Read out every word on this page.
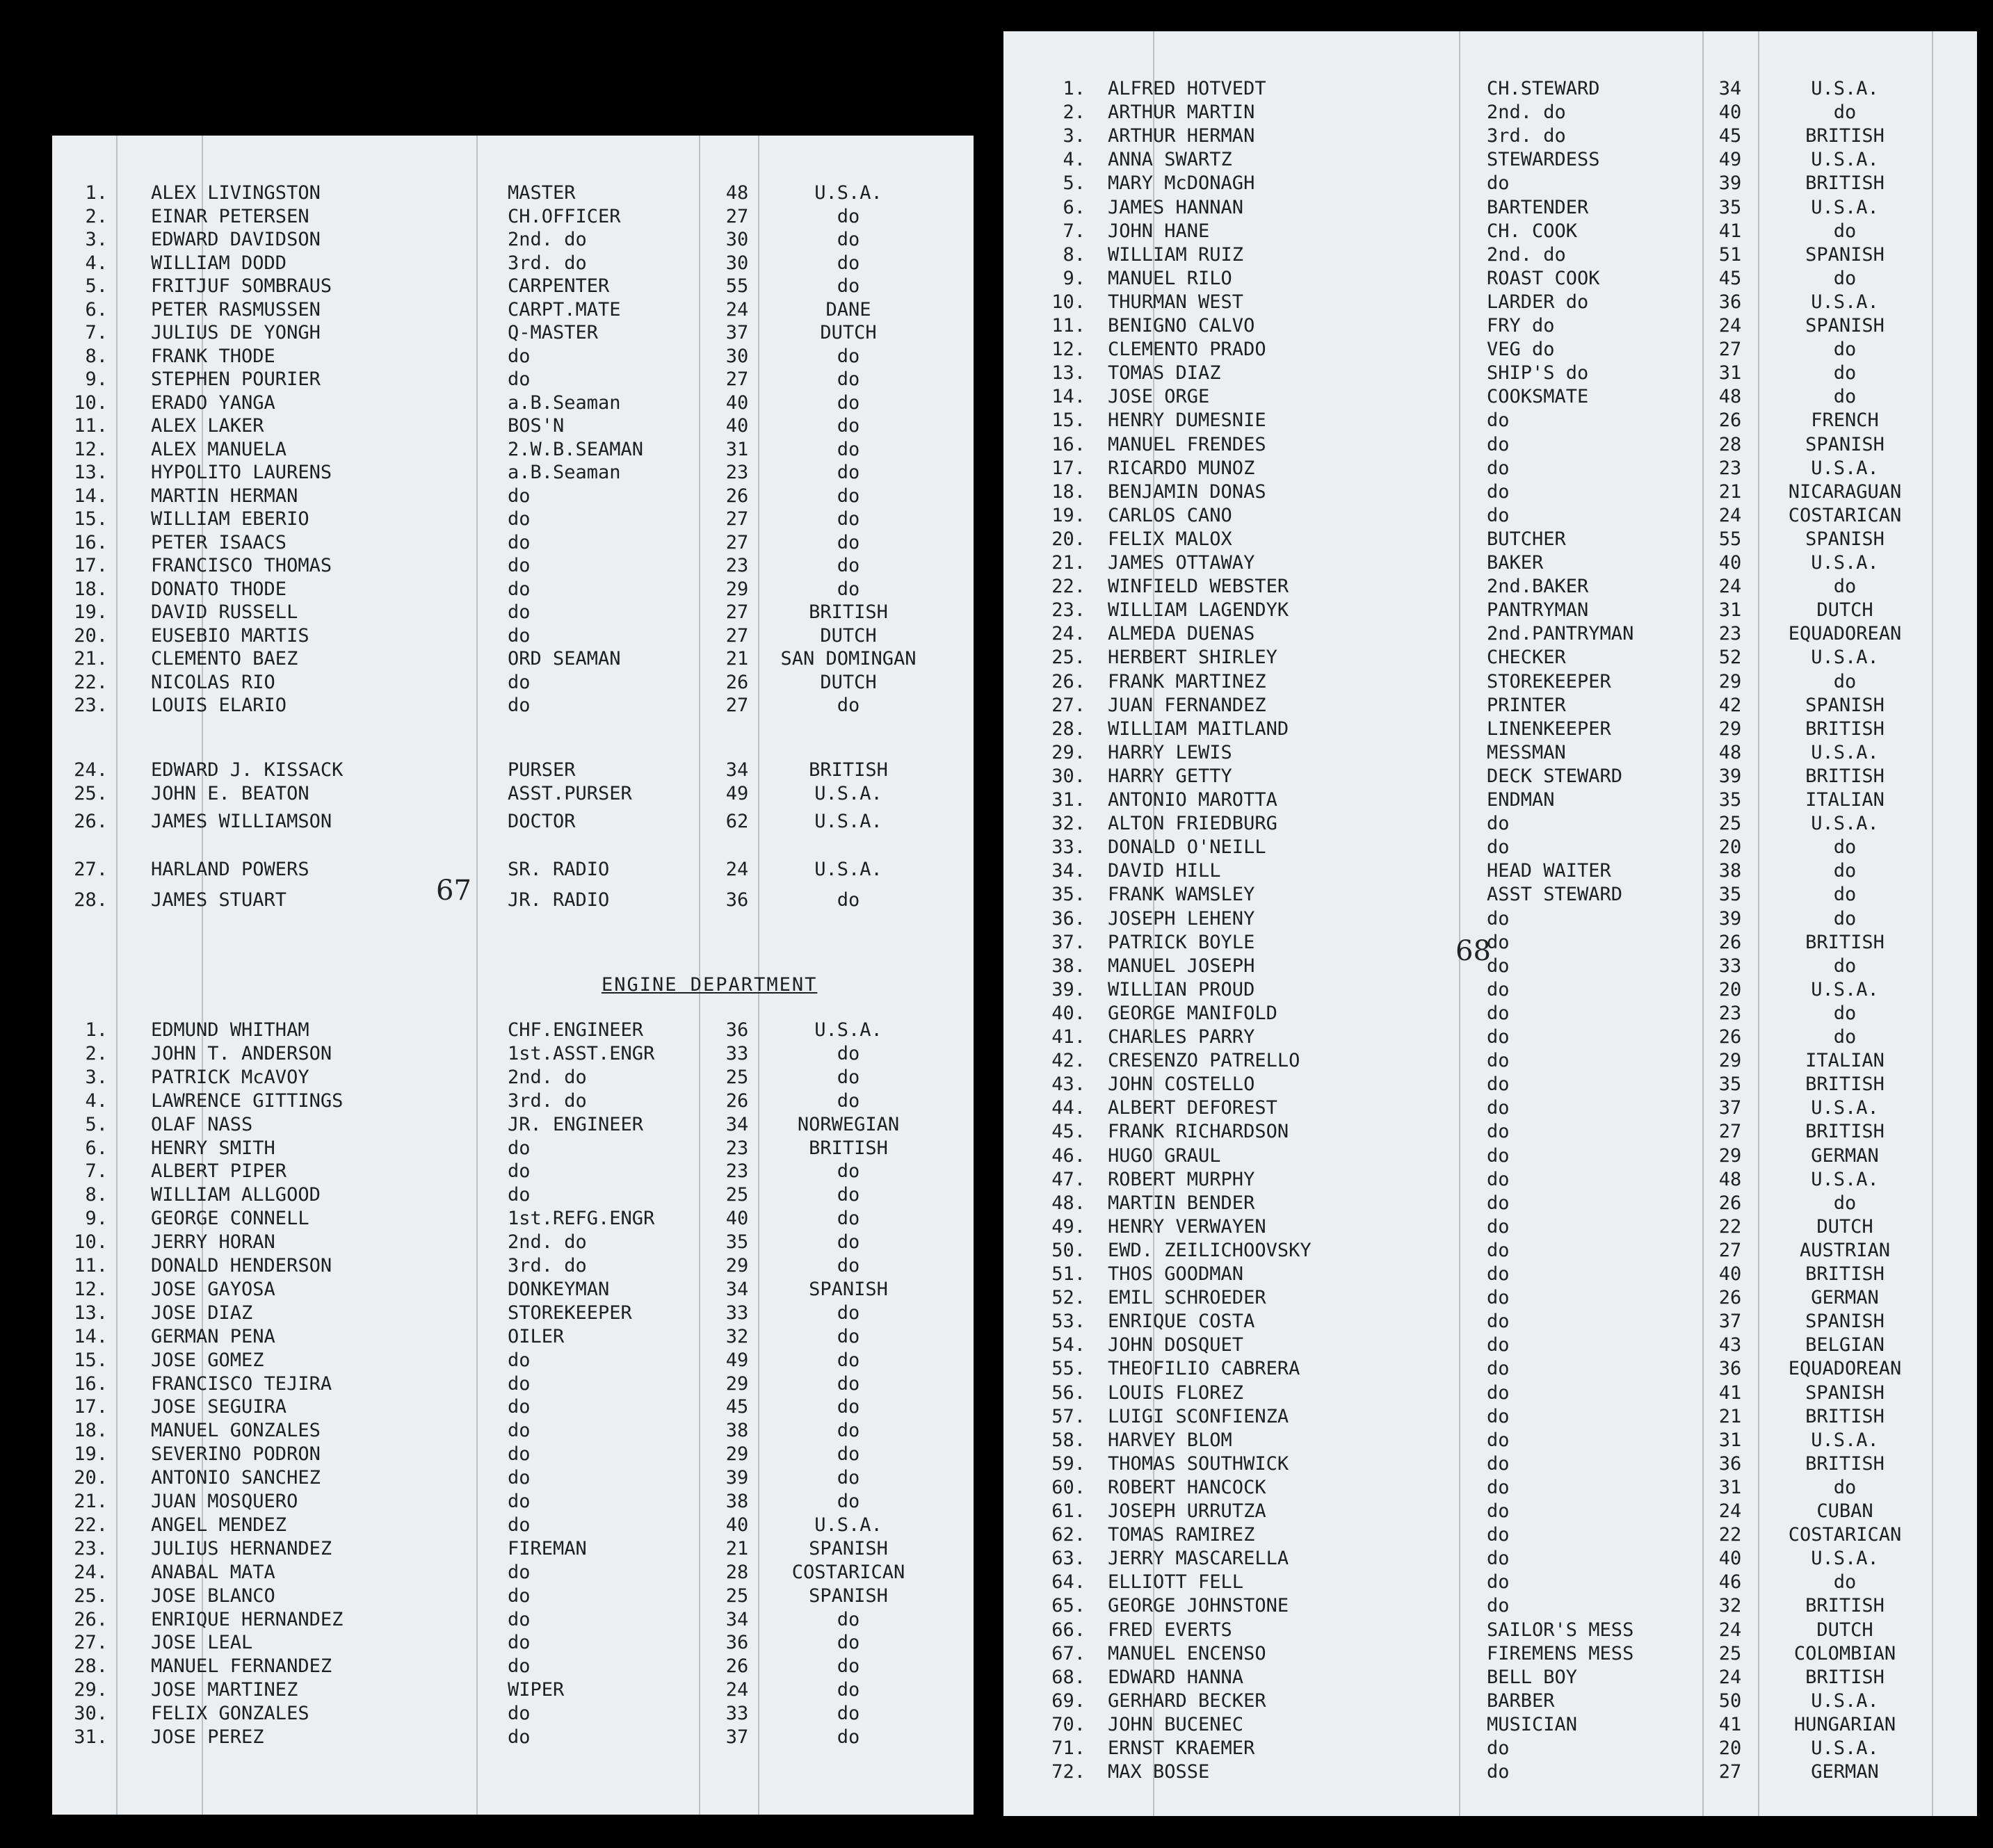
1. ALEX LIVINGSTON	MASTER	48	U.S.A.
2. EINAR PETERSEN	CH.OFFICER	27	do
3. EDWARD DAVIDSON	2nd. do	30	do
4. WILLIAM DODD	3rd. do	30	do
5. FRITJUF SOMBRAUS	CARPENTER	55	do
6. PETER RASMUSSEN	CARPT.MATE	24	DANE
7. JULIUS DE YONGH	Q-MASTER	37	DUTCH
8. FRANK THODE	do	30	do
9. STEPHEN POURIER	do	27	do
10. ERADO YANGA	a.B.Seaman	40	do
11. ALEX LAKER	BOS'N	40	do
12. ALEX MANUELA	2.W.B.SEAMAN	31	do
13. HYPOLITO LAURENS	a.B.Seaman	23	do
14. MARTIN HERMAN	do	26	do
15. WILLIAM EBERIO	do	27	do
16. PETER ISAACS	do	27	do
17. FRANCISCO THOMAS	do	23	do
18. DONATO THODE	do	29	do
19. DAVID RUSSELL	do	27	BRITISH
20. EUSEBIO MARTIS	do	27	DUTCH
21. CLEMENTO BAEZ	ORD SEAMAN	21	SAN DOMINGAN
22. NICOLAS RIO	do	26	DUTCH
23. LOUIS ELARIO	do	27	do
24. EDWARD J. KISSACK	PURSER	34	BRITISH
25. JOHN E. BEATON	ASST.PURSER	49	U.S.A.
26. JAMES WILLIAMSON	DOCTOR	62	U.S.A.
27. HARLAND POWERS	SR. RADIO	24	U.S.A.
28. JAMES STUART	JR. RADIO	36	do
1. EDMUND WHITHAM	CHF.ENGINEER	36	U.S.A.
2. JOHN T. ANDERSON	1st.ASST.ENGR	33	do
3. PATRICK McAVOY	2nd. do	25	do
4. LAWRENCE GITTINGS	3rd. do	26	do
5. OLAF NASS	JR. ENGINEER	34	NORWEGIAN
6. HENRY SMITH	do	23	BRITISH
7. ALBERT PIPER	do	23	do
8. WILLIAM ALLGOOD	do	25	do
9. GEORGE CONNELL	1st.REFG.ENGR	40	do
10. JERRY HORAN	2nd. do	35	do
11. DONALD HENDERSON	3rd. do	29	do
12. JOSE GAYOSA	DONKEYMAN	34	SPANISH
13. JOSE DIAZ	STOREKEEPER	33	do
14. GERMAN PENA	OILER	32	do
15. JOSE GOMEZ	do	49	do
16. FRANCISCO TEJIRA	do	29	do
17. JOSE SEGUIRA	do	45	do
18. MANUEL GONZALES	do	38	do
19. SEVERINO PODRON	do	29	do
20. ANTONIO SANCHEZ	do	39	do
21. JUAN MOSQUERO	do	38	do
22. ANGEL MENDEZ	do	40	U.S.A.
23. JULIUS HERNANDEZ	FIREMAN	21	SPANISH
24. ANABAL MATA	do	28	COSTARICAN
25. JOSE BLANCO	do	25	SPANISH
26. ENRIQUE HERNANDEZ	do	34	do
27. JOSE LEAL	do	36	do
28. MANUEL FERNANDEZ	do	26	do
29. JOSE MARTINEZ	WIPER	24	do
30. FELIX GONZALES	do	33	do
31. JOSE PEREZ	do	37	do
ENGINE DEPARTMENT
67
1. ALFRED HOTVEDT	CH.STEWARD	34	U.S.A.
2. ARTHUR MARTIN	2nd. do	40	do
3. ARTHUR HERMAN	3rd. do	45	BRITISH
4. ANNA SWARTZ	STEWARDESS	49	U.S.A.
5. MARY McDONAGH	do	39	BRITISH
6. JAMES HANNAN	BARTENDER	35	U.S.A.
7. JOHN HANE	CH. COOK	41	do
8. WILLIAM RUIZ	2nd. do	51	SPANISH
9. MANUEL RILO	ROAST COOK	45	do
10. THURMAN WEST	LARDER do	36	U.S.A.
11. BENIGNO CALVO	FRY do	24	SPANISH
12. CLEMENTO PRADO	VEG do	27	do
13. TOMAS DIAZ	SHIP'S do	31	do
14. JOSE ORGE	COOKSMATE	48	do
15. HENRY DUMESNIE	do	26	FRENCH
16. MANUEL FRENDES	do	28	SPANISH
17. RICARDO MUNOZ	do	23	U.S.A.
18. BENJAMIN DONAS	do	21	NICARAGUAN
19. CARLOS CANO	do	24	COSTARICAN
20. FELIX MALOX	BUTCHER	55	SPANISH
21. JAMES OTTAWAY	BAKER	40	U.S.A.
22. WINFIELD WEBSTER	2nd.BAKER	24	do
23. WILLIAM LAGENDYK	PANTRYMAN	31	DUTCH
24. ALMEDA DUENAS	2nd.PANTRYMAN	23	EQUADOREAN
25. HERBERT SHIRLEY	CHECKER	52	U.S.A.
26. FRANK MARTINEZ	STOREKEEPER	29	do
27. JUAN FERNANDEZ	PRINTER	42	SPANISH
28. WILLIAM MAITLAND	LINENKEEPER	29	BRITISH
29. HARRY LEWIS	MESSMAN	48	U.S.A.
30. HARRY GETTY	DECK STEWARD	39	BRITISH
31. ANTONIO MAROTTA	ENDMAN	35	ITALIAN
32. ALTON FRIEDBURG	do	25	U.S.A.
33. DONALD O'NEILL	do	20	do
34. DAVID HILL	HEAD WAITER	38	do
35. FRANK WAMSLEY	ASST STEWARD	35	do
36. JOSEPH LEHENY	do	39	do
37. PATRICK BOYLE	do	26	BRITISH
38. MANUEL JOSEPH	do	33	do
39. WILLIAN PROUD	do	20	U.S.A.
40. GEORGE MANIFOLD	do	23	do
41. CHARLES PARRY	do	26	do
42. CRESENZO PATRELLO	do	29	ITALIAN
43. JOHN COSTELLO	do	35	BRITISH
44. ALBERT DEFOREST	do	37	U.S.A.
45. FRANK RICHARDSON	do	27	BRITISH
46. HUGO GRAUL	do	29	GERMAN
47. ROBERT MURPHY	do	48	U.S.A.
48. MARTIN BENDER	do	26	do
49. HENRY VERWAYEN	do	22	DUTCH
50. EWD. ZEILICHOOVSKY	do	27	AUSTRIAN
51. THOS GOODMAN	do	40	BRITISH
52. EMIL SCHROEDER	do	26	GERMAN
53. ENRIQUE COSTA	do	37	SPANISH
54. JOHN DOSQUET	do	43	BELGIAN
55. THEOFILIO CABRERA	do	36	EQUADOREAN
56. LOUIS FLOREZ	do	41	SPANISH
57. LUIGI SCONFIENZA	do	21	BRITISH
58. HARVEY BLOM	do	31	U.S.A.
59. THOMAS SOUTHWICK	do	36	BRITISH
60. ROBERT HANCOCK	do	31	do
61. JOSEPH URRUTZA	do	24	CUBAN
62. TOMAS RAMIREZ	do	22	COSTARICAN
63. JERRY MASCARELLA	do	40	U.S.A.
64. ELLIOTT FELL	do	46	do
65. GEORGE JOHNSTONE	do	32	BRITISH
66. FRED EVERTS	SAILOR'S MESS	24	DUTCH
67. MANUEL ENCENSO	FIREMENS MESS	25	COLOMBIAN
68. EDWARD HANNA	BELL BOY	24	BRITISH
69. GERHARD BECKER	BARBER	50	U.S.A.
70. JOHN BUCENEC	MUSICIAN	41	HUNGARIAN
71. ERNST KRAEMER	do	20	U.S.A.
72. MAX BOSSE	do	27	GERMAN
68
